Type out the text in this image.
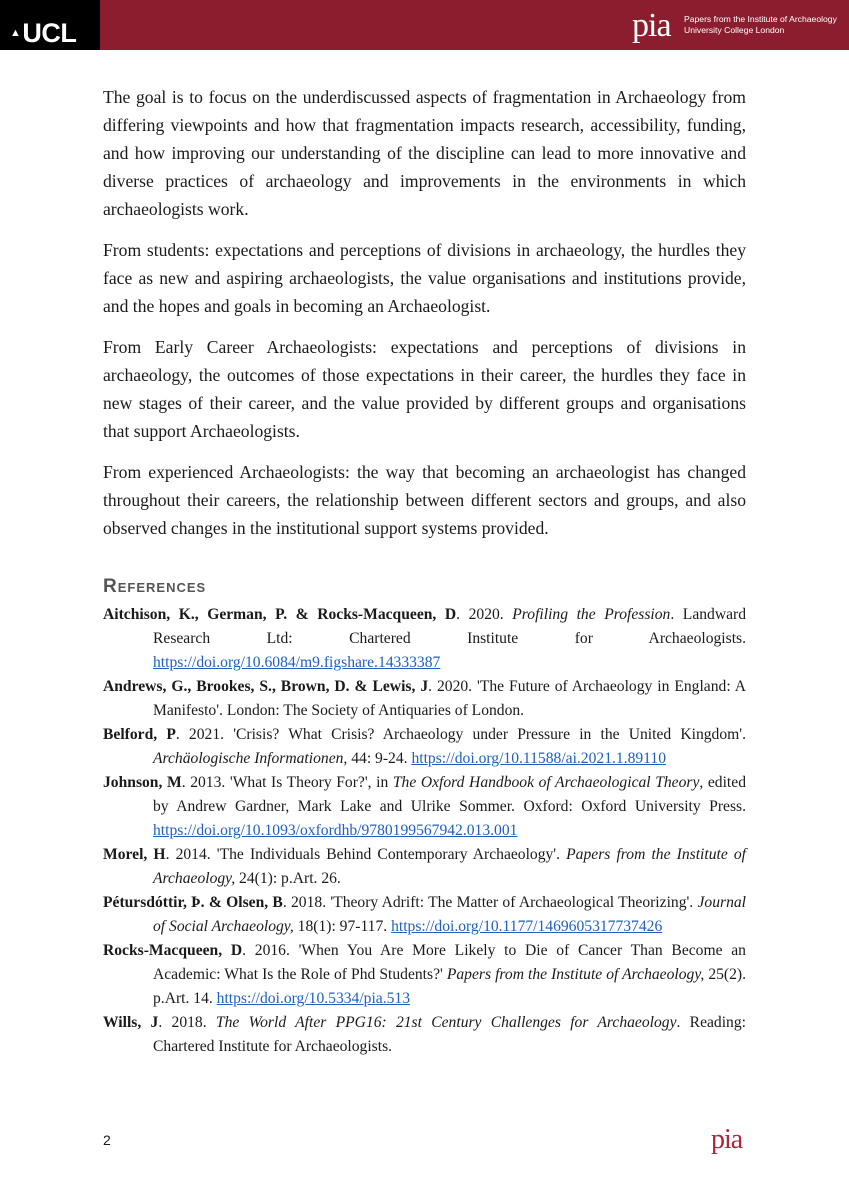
▲UCL	pia Papers from the Institute of Archaeology
University College London

The goal is to focus on the underdiscussed aspects of fragmentation in Archaeology from differing viewpoints and how that fragmentation impacts research, accessibility, funding, and how improving our understanding of the discipline can lead to more innovative and diverse practices of archaeology and improvements in the environments in which archaeologists work.

From students: expectations and perceptions of divisions in archaeology, the hurdles they face as new and aspiring archaeologists, the value organisations and institutions provide, and the hopes and goals in becoming an Archaeologist.

From Early Career Archaeologists: expectations and perceptions of divisions in archaeology, the outcomes of those expectations in their career, the hurdles they face in new stages of their career, and the value provided by different groups and organisations that support Archaeologists.

From experienced Archaeologists: the way that becoming an archaeologist has changed throughout their careers, the relationship between different sectors and groups, and also observed changes in the institutional support systems provided.

References

Aitchison, K., German, P. & Rocks-Macqueen, D. 2020. Profiling the Profession. Landward Research Ltd: Chartered Institute for Archaeologists. https://doi.org/10.6084/m9.figshare.14333387

Andrews, G., Brookes, S., Brown, D. & Lewis, J. 2020. 'The Future of Archaeology in England: A Manifesto'. London: The Society of Antiquaries of London.

Belford, P. 2021. 'Crisis? What Crisis? Archaeology under Pressure in the United Kingdom'. Archäologische Informationen, 44: 9-24. https://doi.org/10.11588/ai.2021.1.89110

Johnson, M. 2013. 'What Is Theory For?', in The Oxford Handbook of Archaeological Theory, edited by Andrew Gardner, Mark Lake and Ulrike Sommer. Oxford: Oxford University Press. https://doi.org/10.1093/oxfordhb/9780199567942.013.001

Morel, H. 2014. 'The Individuals Behind Contemporary Archaeology'. Papers from the Institute of Archaeology, 24(1): p.Art. 26.

Pétursdóttir, Þ. & Olsen, B. 2018. 'Theory Adrift: The Matter of Archaeological Theorizing'. Journal of Social Archaeology, 18(1): 97-117. https://doi.org/10.1177/1469605317737426

Rocks-Macqueen, D. 2016. 'When You Are More Likely to Die of Cancer Than Become an Academic: What Is the Role of Phd Students?' Papers from the Institute of Archaeology, 25(2). p.Art. 14. https://doi.org/10.5334/pia.513

Wills, J. 2018. The World After PPG16: 21st Century Challenges for Archaeology. Reading: Chartered Institute for Archaeologists.

2	pia
